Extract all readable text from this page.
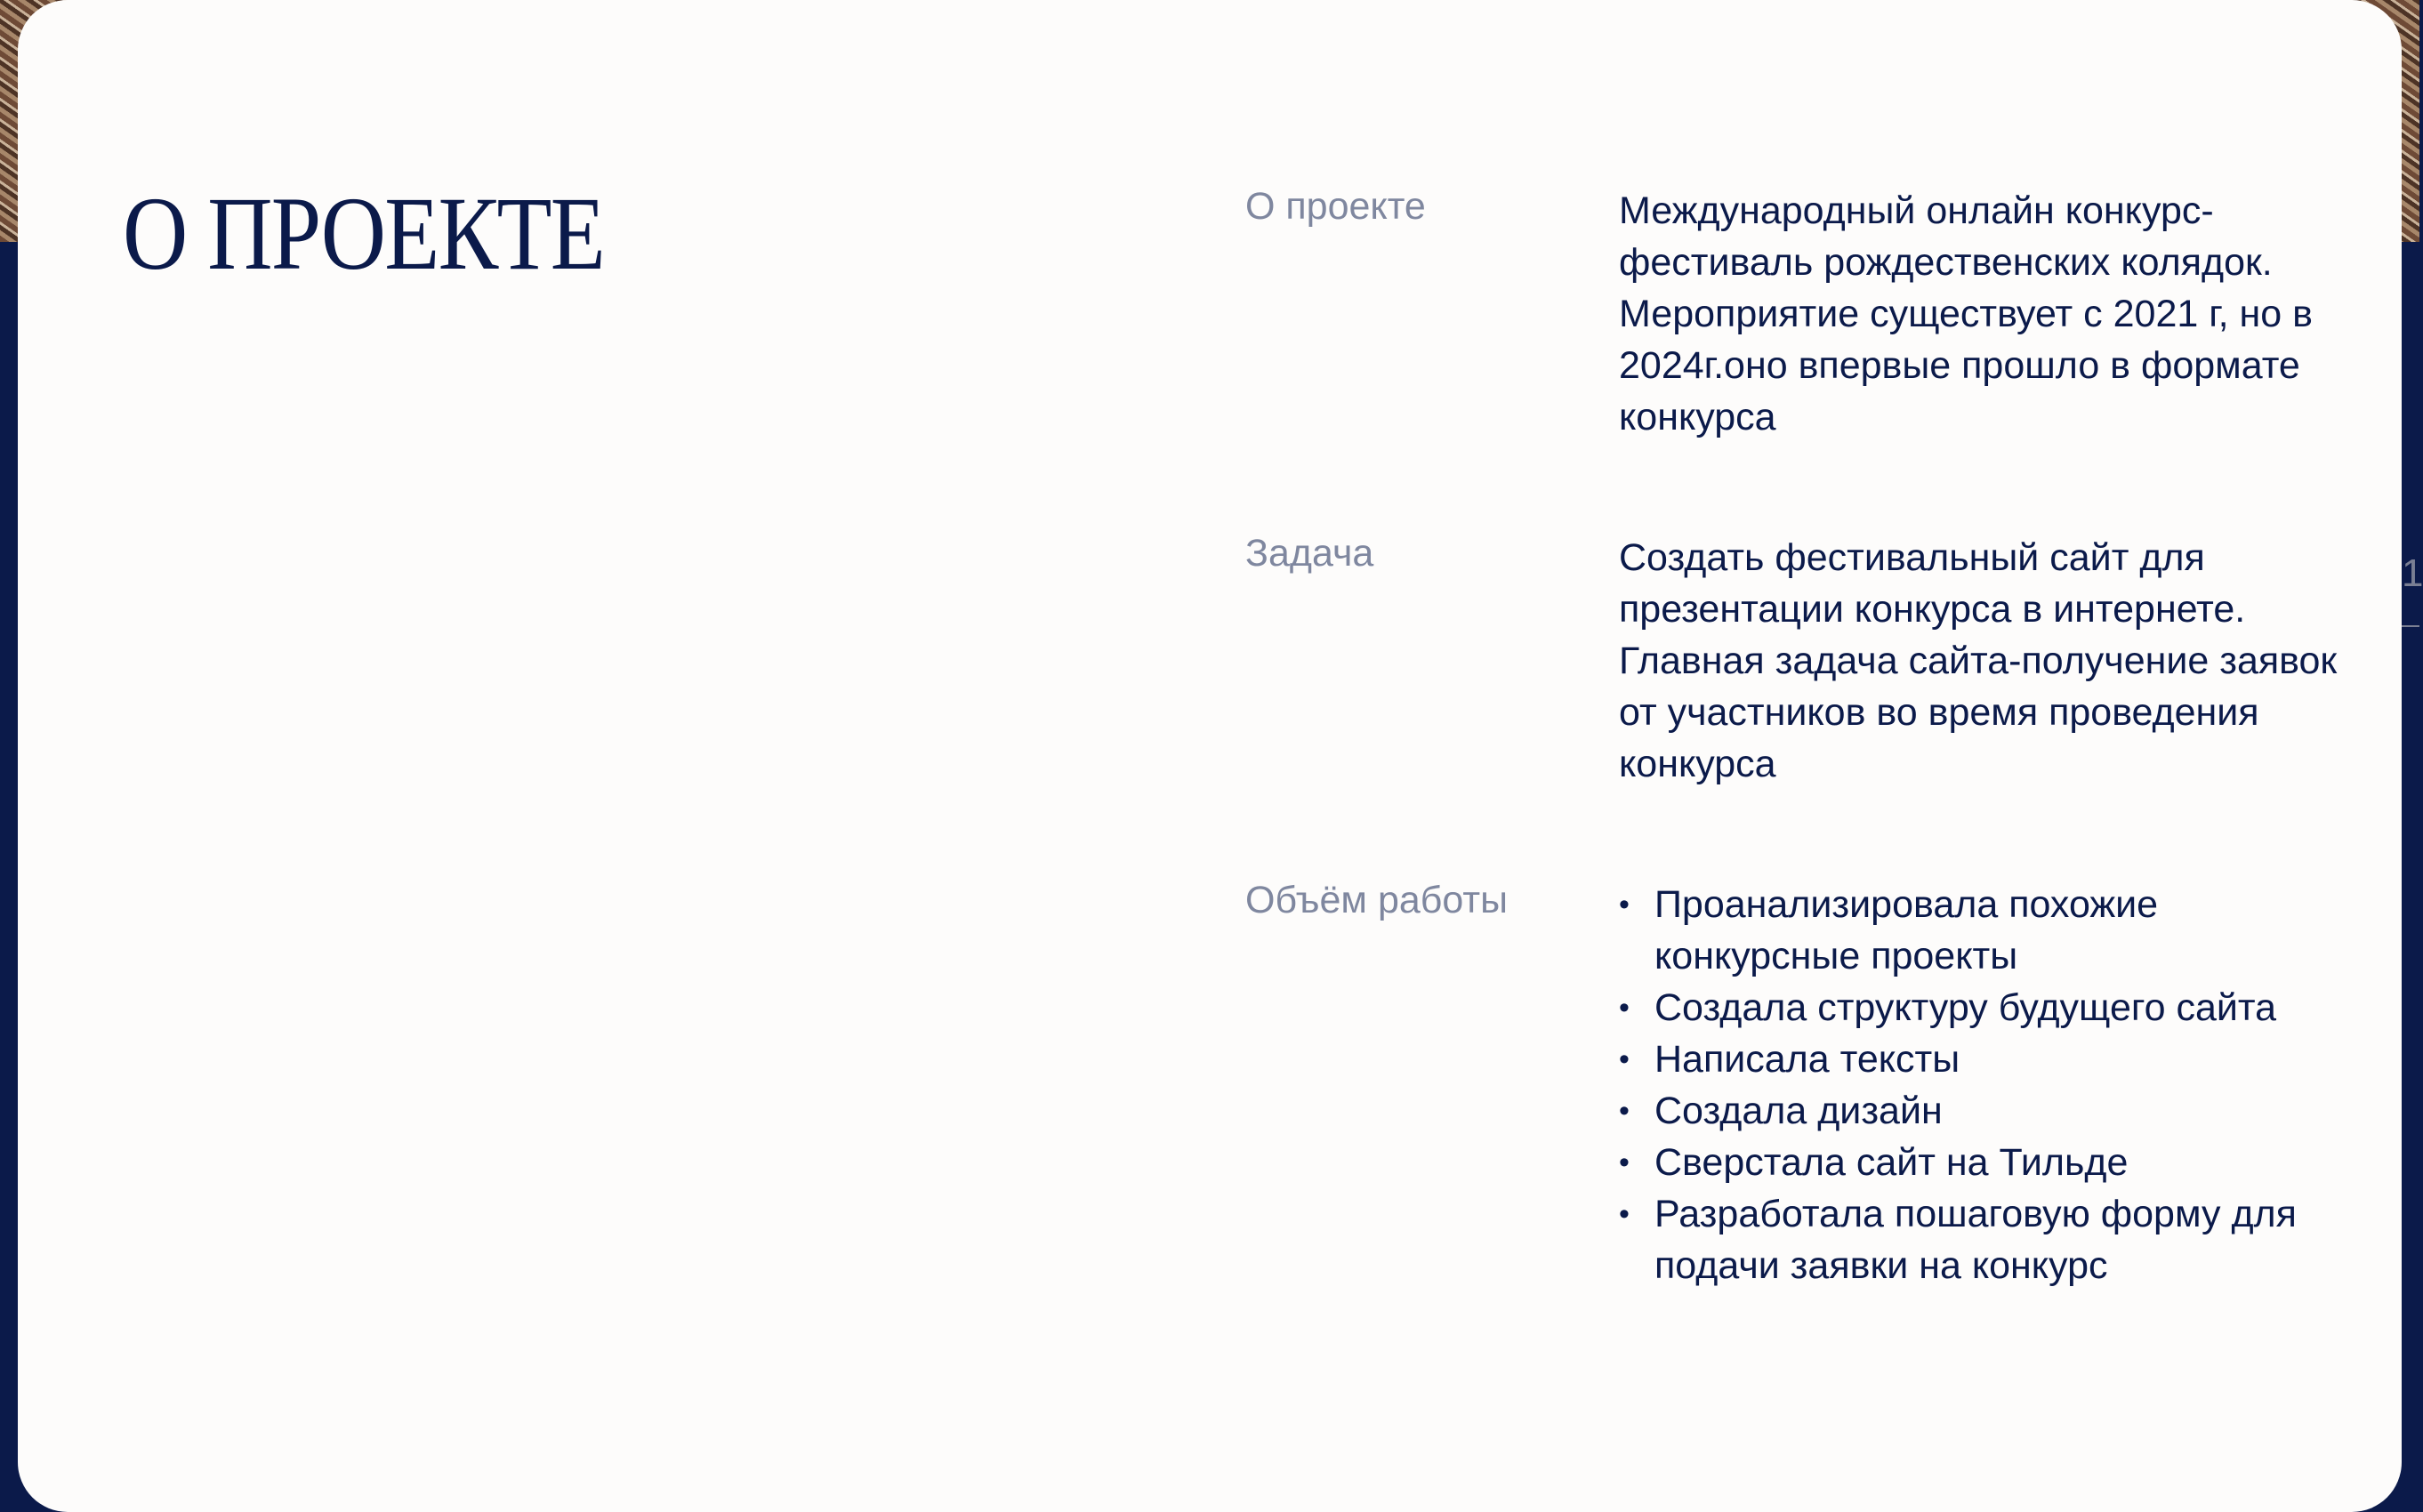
1
О ПРОЕКТЕ	О проекте	Международный онлайн конкурс-фестиваль рождественских колядок. Мероприятие существует с 2021 г, но в 2024г.оно впервые прошло в формате конкурса

Задача	Создать фестивальный сайт для презентации конкурса в интернете. Главная задача сайта-получение заявок от участников во время проведения конкурса

Объём работы	• Проанализировала похожие конкурсные проекты
• Создала структуру будущего сайта
• Написала тексты
• Создала дизайн
• Сверстала сайт на Тильде
• Разработала пошаговую форму для подачи заявки на конкурс
